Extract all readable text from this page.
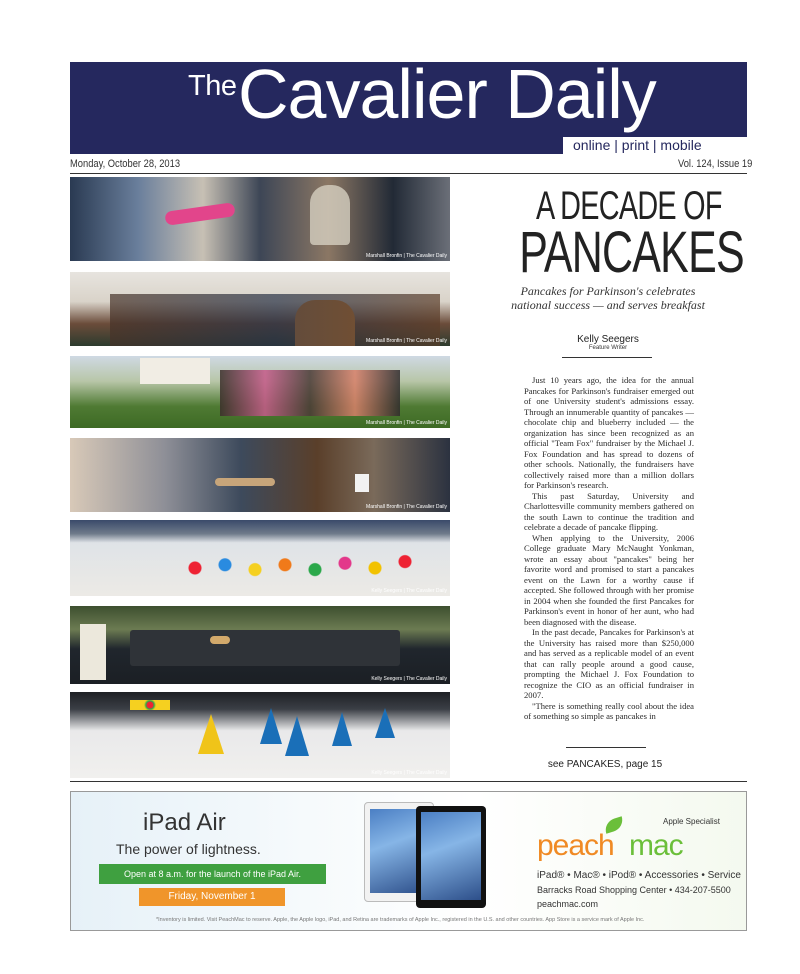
The Cavalier Daily
online | print | mobile
Monday, October 28, 2013	Vol. 124, Issue 19
Marshall Bronfin | The Cavalier Daily
Marshall Bronfin | The Cavalier Daily
Marshall Bronfin | The Cavalier Daily
Marshall Bronfin | The Cavalier Daily
Kelly Seegers | The Cavalier Daily
Kelly Seegers | The Cavalier Daily
Kelly Seegers | The Cavalier Daily
A DECADE OF
PANCAKES
Pancakes for Parkinson's celebrates
national success — and serves breakfast
Kelly Seegers
Feature Writer

Just 10 years ago, the idea for the annual Pancakes for Parkinson's fundraiser emerged out of one University student's admissions essay. Through an innumerable quantity of pancakes — chocolate chip and blueberry included — the organization has since been recognized as an official "Team Fox" fundraiser by the Michael J. Fox Foundation and has spread to dozens of other schools. Nationally, the fundraisers have collectively raised more than a million dollars for Parkinson's research.

This past Saturday, University and Charlottesville community members gathered on the south Lawn to continue the tradition and celebrate a decade of pancake flipping.

When applying to the University, 2006 College graduate Mary McNaught Yonkman, wrote an essay about "pancakes" being her favorite word and promised to start a pancakes event on the Lawn for a worthy cause if accepted. She followed through with her promise in 2004 when she founded the first Pancakes for Parkinson's event in honor of her aunt, who had been diagnosed with the disease.

In the past decade, Pancakes for Parkinson's at the University has raised more than $250,000 and has served as a replicable model of an event that can rally people around a good cause, prompting the Michael J. Fox Foundation to recognize the CIO as an official fundraiser in 2007.

"There is something really cool about the idea of something so simple as pancakes in

see PANCAKES, page 15
iPad Air
The power of lightness.
Open at 8 a.m. for the launch of the iPad Air.
Friday, November 1
Apple Specialist
peach mac
iPad® • Mac® • iPod® • Accessories • Service
Barracks Road Shopping Center • 434-207-5500
peachmac.com
*Inventory is limited. Visit PeachMac to reserve. Apple, the Apple logo, iPad, and Retina are trademarks of Apple Inc., registered in the U.S. and other countries. App Store is a service mark of Apple Inc.
